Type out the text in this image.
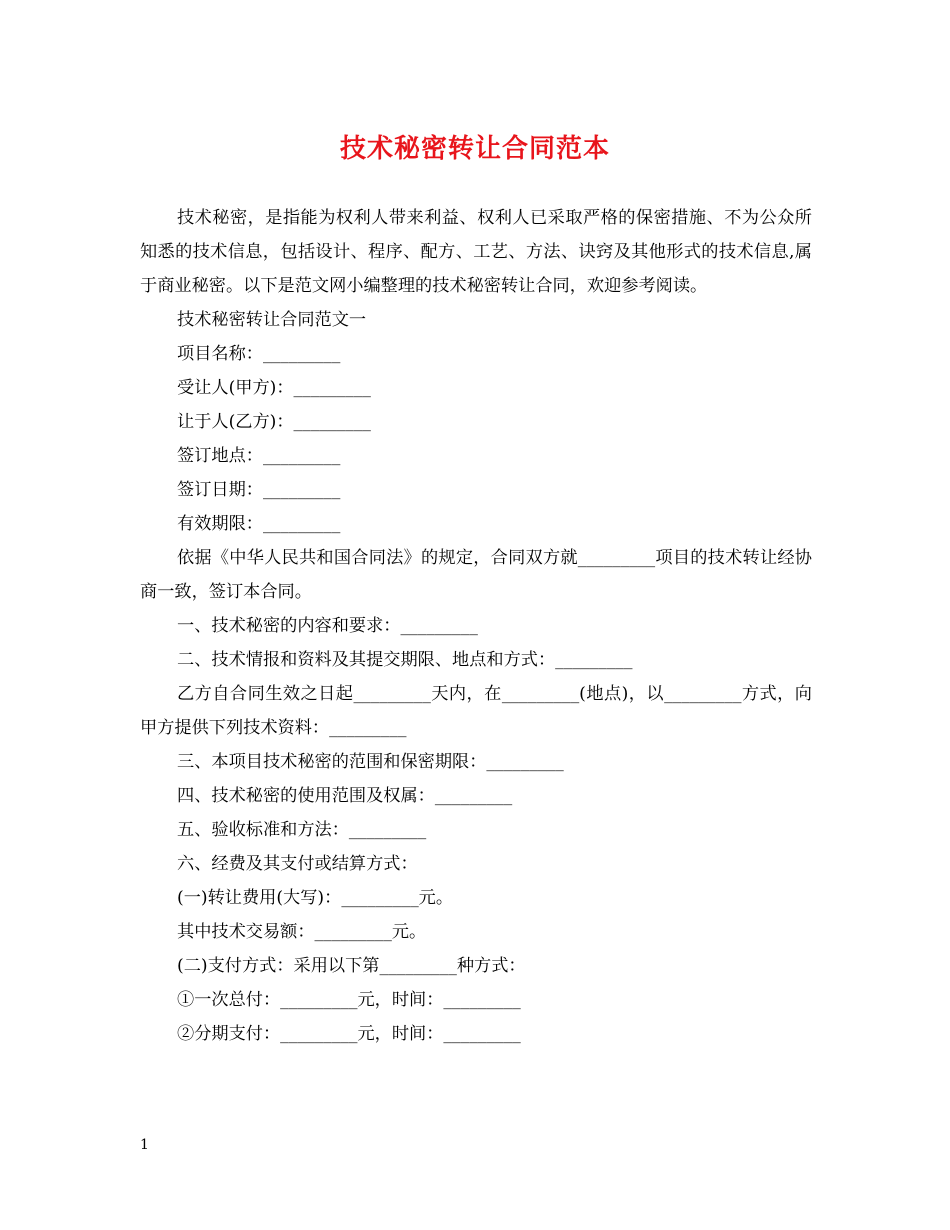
技术秘密转让合同范本

技术秘密，是指能为权利人带来利益、权利人已采取严格的保密措施、不为公众所知悉的技术信息，包括设计、程序、配方、工艺、方法、诀窍及其他形式的技术信息,属于商业秘密。以下是范文网小编整理的技术秘密转让合同，欢迎参考阅读。

技术秘密转让合同范文一

项目名称：_________

受让人(甲方)：_________

让于人(乙方)：_________

签订地点：_________

签订日期：_________

有效期限：_________

依据《中华人民共和国合同法》的规定，合同双方就_________项目的技术转让经协商一致，签订本合同。

一、技术秘密的内容和要求：_________

二、技术情报和资料及其提交期限、地点和方式：_________

乙方自合同生效之日起_________天内，在_________(地点)，以_________方式，向甲方提供下列技术资料：_________

三、本项目技术秘密的范围和保密期限：_________

四、技术秘密的使用范围及权属：_________

五、验收标准和方法：_________

六、经费及其支付或结算方式：

(一)转让费用(大写)：_________元。

其中技术交易额：_________元。

(二)支付方式：采用以下第_________种方式：

①一次总付：_________元，时间：_________

②分期支付：_________元，时间：_________

1
